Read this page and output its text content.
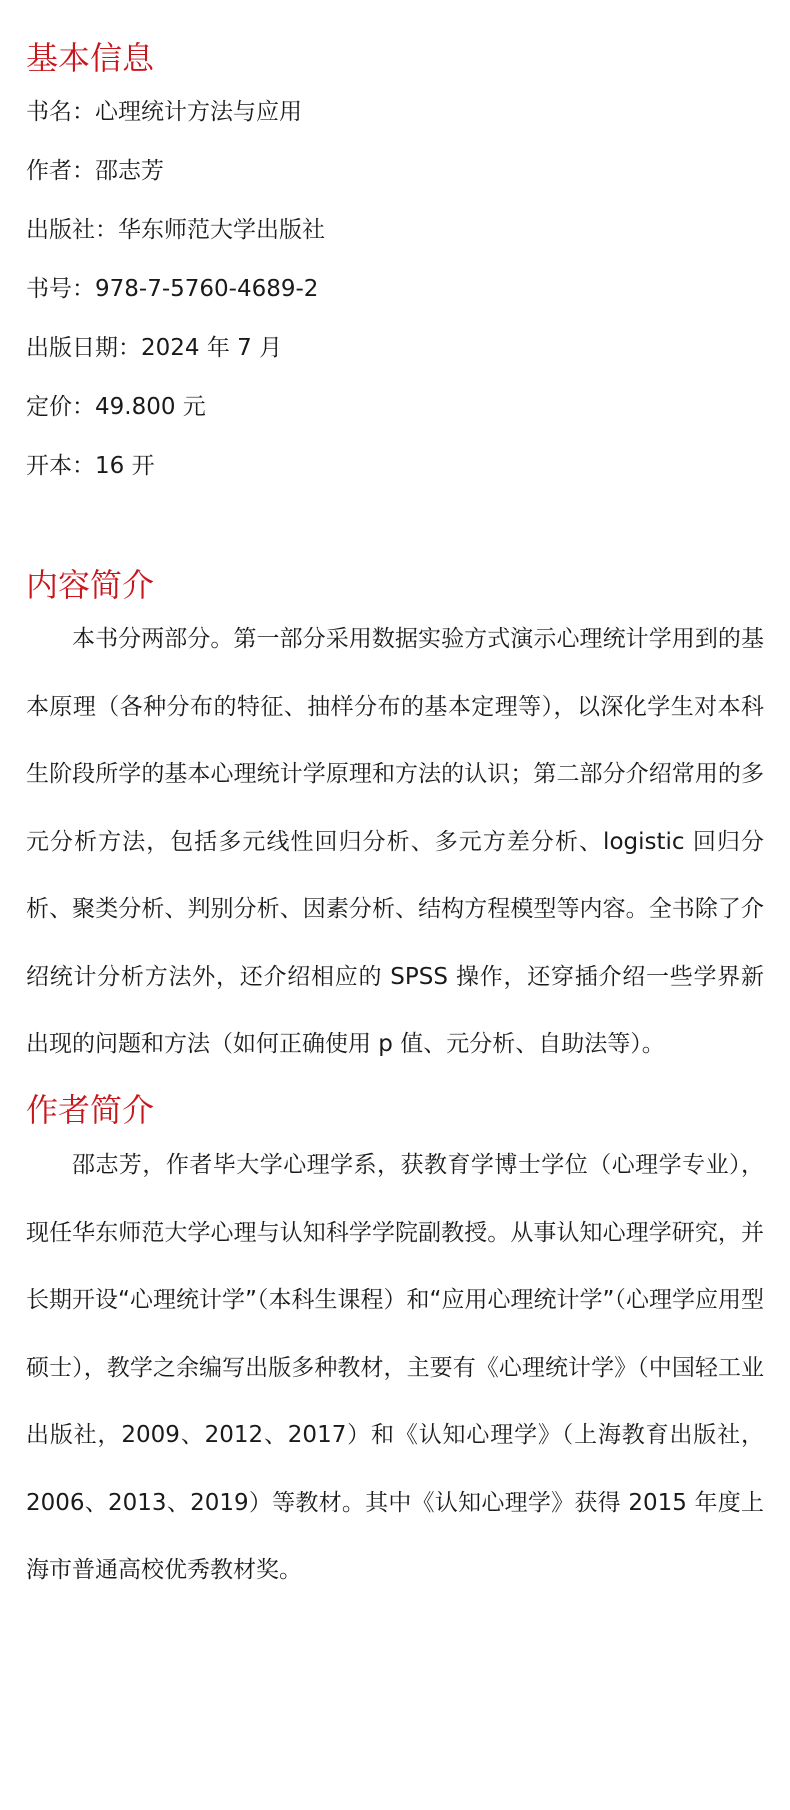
基本信息
书名：心理统计方法与应用
作者：邵志芳
出版社：华东师范大学出版社
书号：978-7-5760-4689-2
出版日期：2024 年 7 月
定价：49.800 元
开本：16 开
内容简介

本书分两部分。第一部分采用数据实验方式演示心理统计学用到的基本原理（各种分布的特征、抽样分布的基本定理等），以深化学生对本科生阶段所学的基本心理统计学原理和方法的认识；第二部分介绍常用的多元分析方法，包括多元线性回归分析、多元方差分析、logistic 回归分析、聚类分析、判别分析、因素分析、结构方程模型等内容。全书除了介绍统计分析方法外，还介绍相应的 SPSS 操作，还穿插介绍一些学界新出现的问题和方法（如何正确使用 p 值、元分析、自助法等）。

作者简介

邵志芳，作者毕大学心理学系，获教育学博士学位（心理学专业），现任华东师范大学心理与认知科学学院副教授。从事认知心理学研究，并长期开设“心理统计学”（本科生课程）和“应用心理统计学”（心理学应用型硕士），教学之余编写出版多种教材，主要有《心理统计学》（中国轻工业出版社，2009、2012、2017）和《认知心理学》（上海教育出版社，2006、2013、2019）等教材。其中《认知心理学》获得 2015 年度上海市普通高校优秀教材奖。
